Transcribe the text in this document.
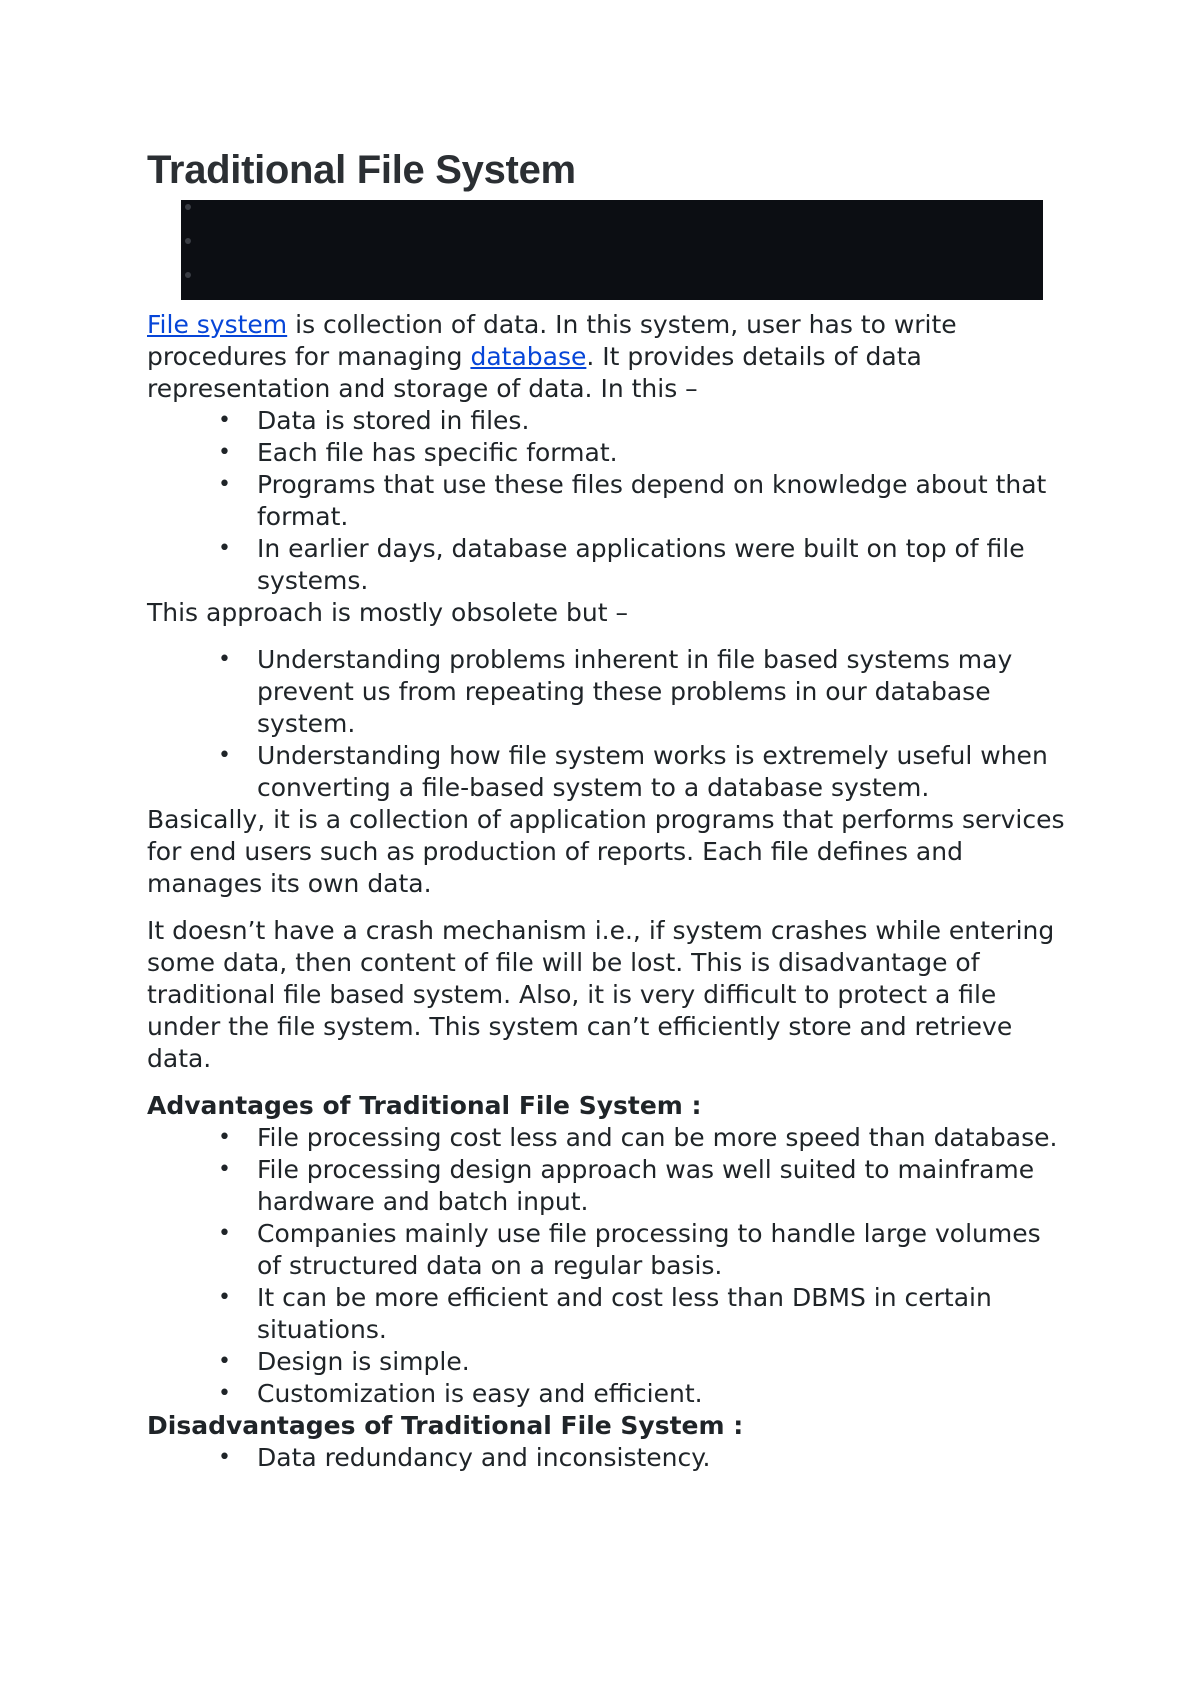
Traditional File System

File system is collection of data. In this system, user has to write procedures for managing database. It provides details of data representation and storage of data. In this –

• Data is stored in files.
• Each file has specific format.
• Programs that use these files depend on knowledge about that format.
• In earlier days, database applications were built on top of file systems.

This approach is mostly obsolete but –

• Understanding problems inherent in file based systems may prevent us from repeating these problems in our database system.
• Understanding how file system works is extremely useful when converting a file-based system to a database system.

Basically, it is a collection of application programs that performs services for end users such as production of reports. Each file defines and manages its own data.

It doesn’t have a crash mechanism i.e., if system crashes while entering some data, then content of file will be lost. This is disadvantage of traditional file based system. Also, it is very difficult to protect a file under the file system. This system can’t efficiently store and retrieve data.

Advantages of Traditional File System :

• File processing cost less and can be more speed than database.
• File processing design approach was well suited to mainframe hardware and batch input.
• Companies mainly use file processing to handle large volumes of structured data on a regular basis.
• It can be more efficient and cost less than DBMS in certain situations.
• Design is simple.
• Customization is easy and efficient.

Disadvantages of Traditional File System :

• Data redundancy and inconsistency.
